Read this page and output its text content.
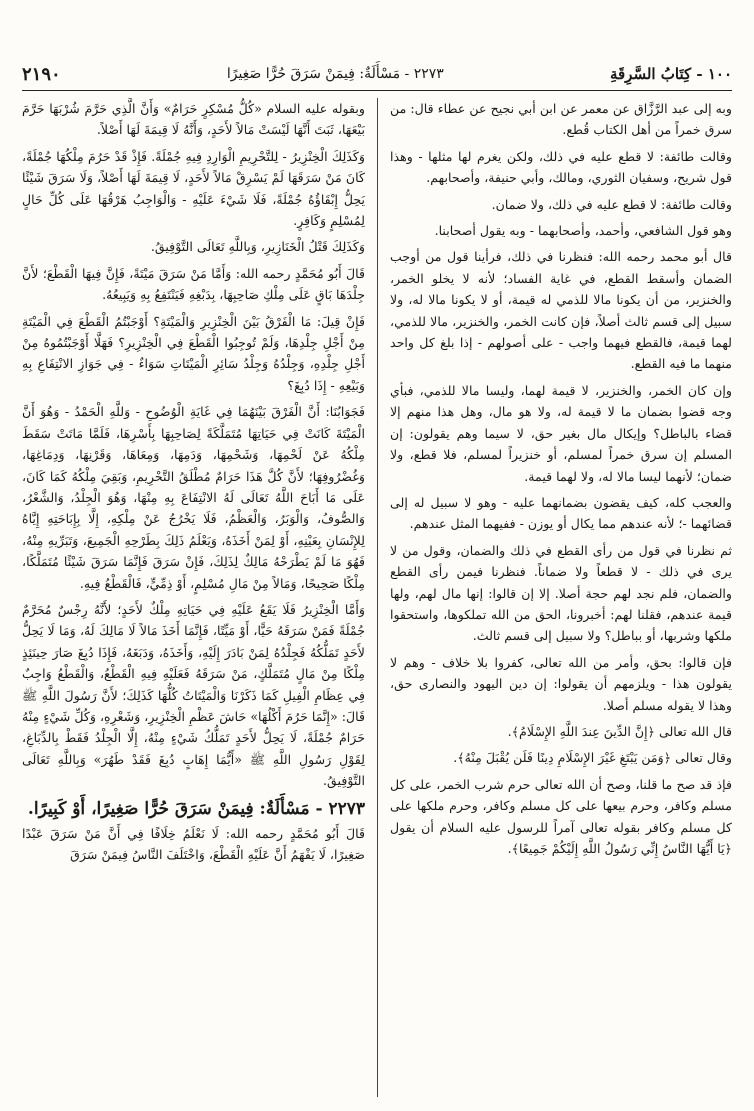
١٠٠ - كِتَابُ السَّرِقَةِ
٢٢٧٣ - مَسْأَلَةٌ: فِيمَنْ سَرَقَ حُرًّا صَغِيرًا
٢١٩٠

وبه إلى عبد الرَّزَّاق عن معمر عن ابن أبي نجيح عن عطاء قال: من سرق خمراً من أهل الكتاب قُطع.

وقالت طائفة: لا قطع عليه في ذلك، ولكن يغرم لها مثلها - وهذا قول شريح، وسفيان الثوري، ومالك، وأبي حنيفة، وأصحابهم.

وقالت طائفة: لا قطع عليه في ذلك، ولا ضمان.

وهو قول الشافعي، وأحمد، وأصحابهما - وبه يقول أصحابنا.

قال أبو محمد رحمه الله: فنظرنا في ذلك، فرأينا قول من أوجب الضمان وأسقط القطع، في غاية الفساد؛ لأنه لا يخلو الخمر، والخنزير، من أن يكونا مالا للذمي له قيمة، أو لا يكونا مالا له، ولا سبيل إلى قسم ثالث أصلاً، فإن كانت الخمر، والخنزير، مالا للذمي، لهما قيمة، فالقطع فيهما واجب - على أصولهم - إذا بلغ كل واحد منهما ما فيه القطع.

وإن كان الخمر، والخنزير، لا قيمة لهما، وليسا مالا للذمي، فبأي وجه قضوا بضمان ما لا قيمة له، ولا هو مال، وهل هذا منهم إلا قضاء بالباطل؟ وإيكال مال بغير حق، لا سيما وهم يقولون: إن المسلم إن سرق خمراً لمسلم، أو خنزيراً لمسلم، فلا قطع، ولا ضمان؛ لأنهما ليسا مالا له، ولا لهما قيمة.

والعجب كله، كيف يقضون بضمانهما عليه - وهو لا سبيل له إلى قضائهما -؛ لأنه عندهم مما يكال أو يوزن - ففيهما المثل عندهم.

ثم نظرنا في قول من رأى القطع في ذلك والضمان، وقول من لا يرى في ذلك - لا قطعاً ولا ضماناً. فنظرنا فيمن رأى القطع والضمان، فلم نجد لهم حجة أصلا. إلا إن قالوا: إنها مال لهم، ولها قيمة عندهم، فقلنا لهم: أخبرونا، الحق من الله تملكوها، واستحقوا ملكها وشربها، أو بباطل؟ ولا سبيل إلى قسم ثالث.

فإن قالوا: بحق، وأمر من الله تعالى، كفروا بلا خلاف - وهم لا يقولون هذا - ويلزمهم أن يقولوا: إن دين اليهود والنصارى حق، وهذا لا يقوله مسلم أصلا.

قال الله تعالى ﴿إِنَّ الدِّينَ عِندَ اللَّهِ الإِسْلَامُ﴾.

وقال تعالى ﴿وَمَن يَبْتَغِ غَيْرَ الإِسْلَامِ دِينًا فَلَن يُقْبَلَ مِنْهُ﴾.

فإذ قد صح ما قلنا، وصح أن الله تعالى حرم شرب الخمر، على كل مسلم وكافر، وحرم بيعها على كل مسلم وكافر، وحرم ملكها على كل مسلم وكافر بقوله تعالى آمراً للرسول عليه السلام أن يقول ﴿يَا أَيُّهَا النَّاسُ إِنِّي رَسُولُ اللَّهِ إِلَيْكُمْ جَمِيعًا﴾.

وبقوله عليه السلام «كُلُّ مُسْكِرٍ حَرَامٌ» وَأَنَّ الَّذِي حَرَّمَ شُرْبَهَا حَرَّمَ بَيْعَهَا، ثَبَتَ أَنَّهَا لَيْسَتْ مَالاً لأَحَدٍ، وَأَنَّهُ لَا قِيمَةَ لَهَا أَصْلاً.

وَكَذَلِكَ الْخِنْزِيرُ - لِلتَّحْرِيمِ الْوَارِدِ فِيهِ جُمْلَةً. فَإِذْ قَدْ حَرُمَ مِلْكُهَا جُمْلَةً، كَانَ مَنْ سَرَقَهَا لَمْ يَسْرِقْ مَالاً لأَحَدٍ، لَا قِيمَةَ لَهَا أَصْلاً، وَلَا سَرَقَ شَيْئًا يَحِلُّ إِبْقَاؤُهُ جُمْلَةً، فَلَا شَيْءَ عَلَيْهِ - وَالْوَاجِبُ هَرْقُهَا عَلَى كُلِّ حَالٍ لِمُسْلِمٍ وَكَافِرٍ.

وَكَذَلِكَ قَتْلُ الْخَنَازِيرِ، وَبِاللَّهِ تَعَالَى التَّوْفِيقُ.

قَالَ أَبُو مُحَمَّدٍ رحمه الله: وَأَمَّا مَنْ سَرَقَ مَيْتَةً، فَإِنَّ فِيهَا الْقَطْعَ؛ لأَنَّ جِلْدَهَا بَاقٍ عَلَى مِلْكِ صَاحِبِهَا، بِدَبْغِهِ فَيَنْتَفِعُ بِهِ وَيَبِيعُهُ.

فَإِنْ قِيلَ: مَا الْفَرْقُ بَيْنَ الْخِنْزِيرِ وَالْمَيْتَةِ؟ أَوْجَبْتُمُ الْقَطْعَ فِي الْمَيْتَةِ مِنْ أَجْلِ جِلْدِهَا، وَلَمْ تُوجِبُوا الْقَطْعَ فِي الْخِنْزِيرِ؟ فَهَلَّا أَوْجَبْتُمُوهُ مِنْ أَجْلِ جِلْدِهِ، وَجِلْدُهُ وَجِلْدُ سَائِرِ الْمَيْتَاتِ سَوَاءٌ - فِي جَوَازِ الانْتِفَاعِ بِهِ وَبَيْعِهِ - إِذَا دُبِغَ؟

فَجَوَابُنَا: أَنَّ الْفَرْقَ بَيْنَهُمَا فِي غَايَةِ الْوُضُوحِ - وَللَّهِ الْحَمْدُ - وَهُوَ أَنَّ الْمَيْتَةَ كَانَتْ فِي حَيَاتِهَا مُتَمَلَّكَةً لِصَاحِبِهَا بِأَسْرِهَا، فَلَمَّا مَاتَتْ سَقَطَ مِلْكُهُ عَنْ لَحْمِهَا، وَشَحْمِهَا، وَدَمِهَا، وَمِعَاهَا، وَقَرْنِهَا، وَدِمَاغِهَا، وَغُضْرُوفِهَا؛ لأَنَّ كُلَّ هَذَا حَرَامٌ مُطْلَقُ التَّحْرِيمِ، وَبَقِيَ مِلْكُهُ كَمَا كَانَ، عَلَى مَا أَبَاحَ اللَّهُ تَعَالَى لَهُ الانْتِفَاعَ بِهِ مِنْهَا، وَهُوَ الْجِلْدُ، وَالشَّعْرُ، وَالصُّوفُ، وَالْوَبَرُ، وَالْعَظْمُ، فَلَا يَخْرُجُ عَنْ مِلْكِهِ، إِلَّا بِإِبَاحَتِهِ إِيَّاهُ لِلإِنْسَانِ بِعَيْنِهِ، أَوْ لِمَنْ أَخَذَهُ، وَيَعْلَمُ ذَلِكَ بِطَرْحِهِ الْجَمِيعَ، وَتَبَرِّيهِ مِنْهُ، فَهُوَ مَا لَمْ يَطْرَحْهُ مَالِكٌ لِذَلِكَ، فَإِنْ سَرَقَ فَإِنَّمَا سَرَقَ شَيْئًا مُتَمَلَّكًا، مِلْكًا صَحِيحًا، وَمَالاً مِنْ مَالِ مُسْلِمٍ، أَوْ ذِمِّيٍّ، فَالْقَطْعُ فِيهِ.

وَأَمَّا الْخِنْزِيرُ فَلَا يَقَعُ عَلَيْهِ فِي حَيَاتِهِ مِلْكٌ لأَحَدٍ؛ لأَنَّهُ رِجْسٌ مُحَرَّمٌ جُمْلَةً فَمَنْ سَرَقَهُ حَيًّا، أَوْ مَيِّتًا، فَإِنَّمَا أَخَذَ مَالاً لَا مَالِكَ لَهُ، وَمَا لَا يَحِلُّ لأَحَدٍ تَمَلُّكُهُ فَجِلْدُهُ لِمَنْ بَادَرَ إِلَيْهِ، وَأَخَذَهُ، وَدَبَغَهُ، فَإِذَا دُبِغَ صَارَ حِينَئِذٍ مِلْكًا مِنْ مَالٍ مُتَمَلَّكٍ، مَنْ سَرَقَهُ فَعَلَيْهِ فِيهِ الْقَطْعُ، وَالْقَطْعُ وَاجِبٌ فِي عِظَامِ الْفِيلِ كَمَا ذَكَرْنَا وَالْمَيْتَاتُ كُلُّهَا كَذَلِكَ؛ لأَنَّ رَسُولَ اللَّهِ ﷺ قَالَ: «إِنَّمَا حَرُمَ أَكْلُهَا» حَاشَ عَظْمِ الْخِنْزِيرِ، وَشَعْرِهِ، وَكُلِّ شَيْءٍ مِنْهُ حَرَامٌ جُمْلَةً، لَا يَحِلُّ لأَحَدٍ تَمَلُّكُ شَيْءٍ مِنْهُ، إِلَّا الْجِلْدُ فَقَطْ بِالدِّبَاغِ، لِقَوْلِ رَسُولِ اللَّهِ ﷺ «أَيُّمَا إِهَابٍ دُبِغَ فَقَدْ طَهُرَ» وَبِاللَّهِ تَعَالَى التَّوْفِيقُ.

٢٢٧٣ - مَسْأَلَةٌ: فِيمَنْ سَرَقَ حُرًّا صَغِيرًا، أَوْ كَبِيرًا.

قَالَ أَبُو مُحَمَّدٍ رحمه الله: لَا نَعْلَمُ خِلَافًا فِي أَنَّ مَنْ سَرَقَ عَبْدًا صَغِيرًا، لَا يَفْهَمُ أَنَّ عَلَيْهِ الْقَطْعَ، وَاخْتَلَفَ النَّاسُ فِيمَنْ سَرَقَ
